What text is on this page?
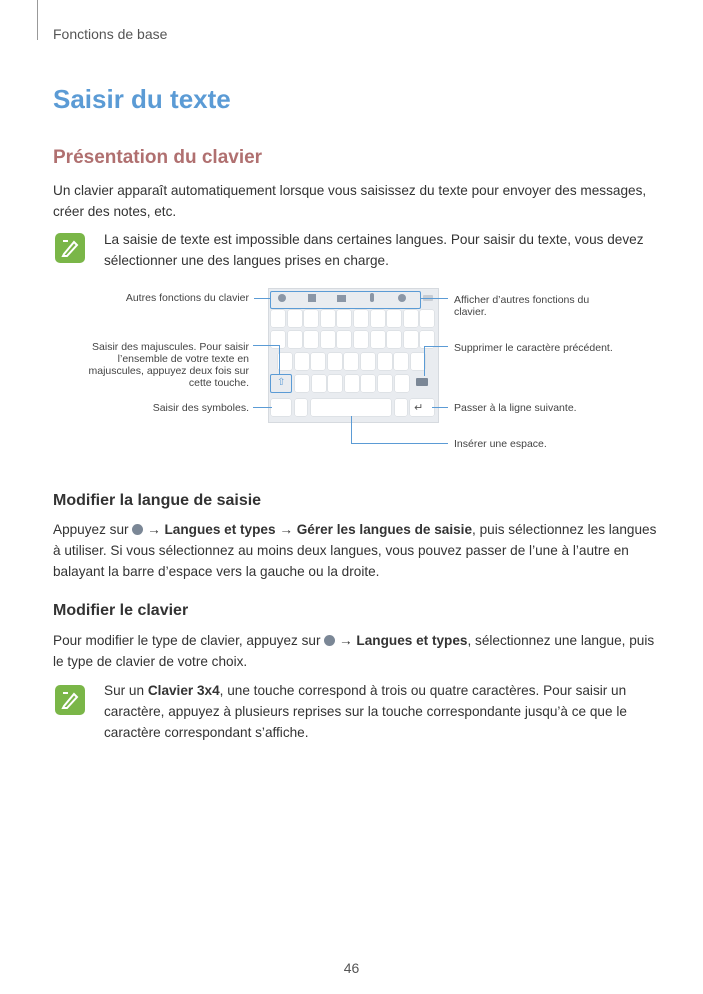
Fonctions de base
Saisir du texte
Présentation du clavier
Un clavier apparaît automatiquement lorsque vous saisissez du texte pour envoyer des messages,
créer des notes, etc.
La saisie de texte est impossible dans certaines langues. Pour saisir du texte, vous devez
sélectionner une des langues prises en charge.
⇧
↵
Autres fonctions du clavier	Afficher d’autres fonctions du
clavier.
Saisir des majuscules. Pour saisir
l’ensemble de votre texte en
majuscules, appuyez deux fois sur
cette touche.
Supprimer le caractère précédent.
Saisir des symboles.	Passer à la ligne suivante.
Insérer une espace.
Modifier la langue de saisie
Appuyez sur → Langues et types → Gérer les langues de saisie, puis sélectionnez les langues
à utiliser. Si vous sélectionnez au moins deux langues, vous pouvez passer de l’une à l’autre en
balayant la barre d’espace vers la gauche ou la droite.
Modifier le clavier
Pour modifier le type de clavier, appuyez sur → Langues et types, sélectionnez une langue, puis
le type de clavier de votre choix.
Sur un Clavier 3x4, une touche correspond à trois ou quatre caractères. Pour saisir un
caractère, appuyez à plusieurs reprises sur la touche correspondante jusqu’à ce que le
caractère correspondant s’affiche.
46
